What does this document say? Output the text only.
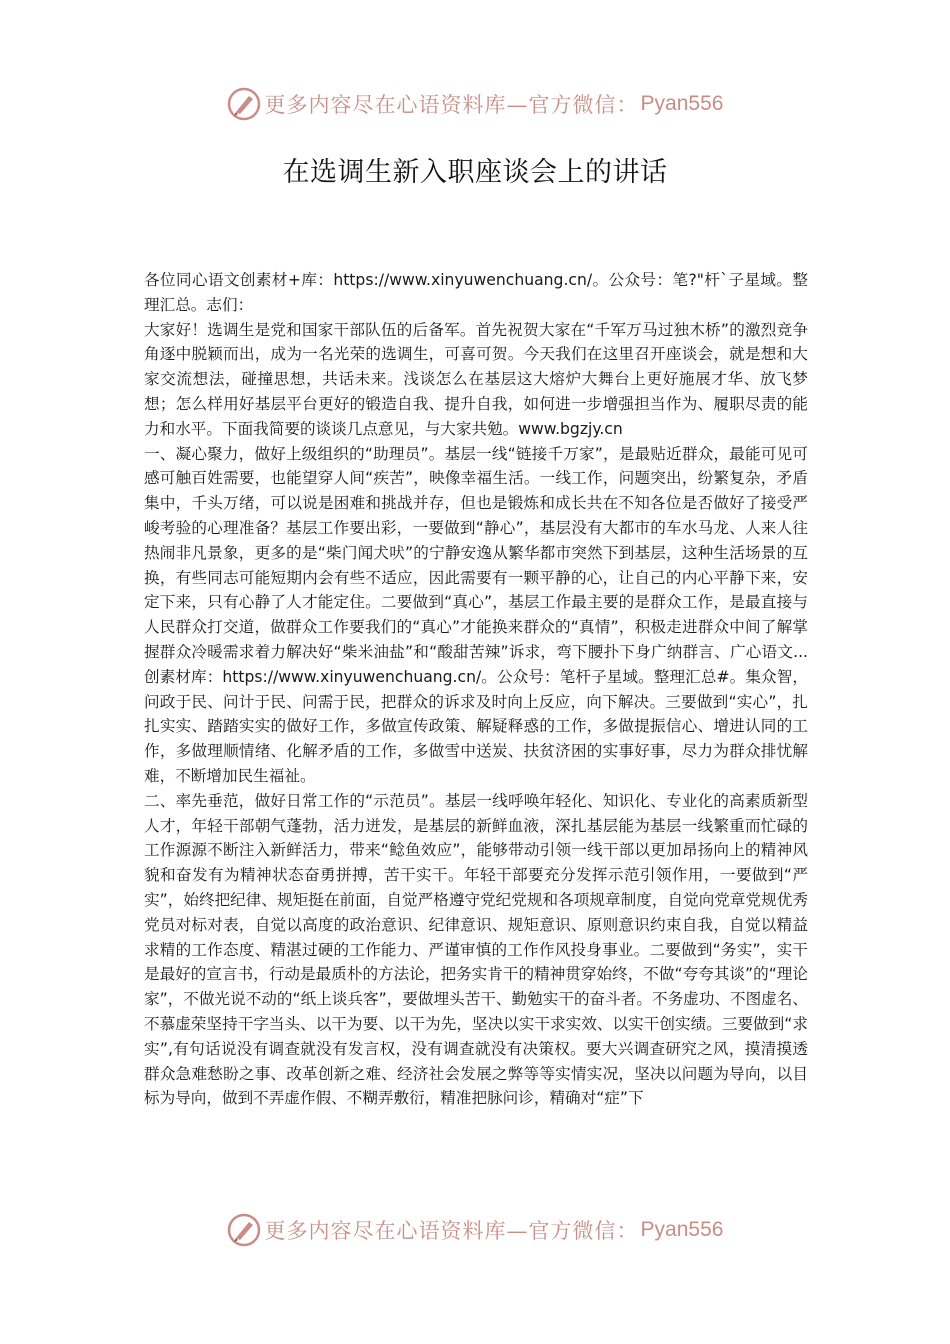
更多内容尽在心语资料库—官方微信： Pyan556
在选调生新入职座谈会上的讲话

各位同心语文创素材+库：https://www.xinyuwenchuang.cn/。公众号：笔?"杆`子星域。整理汇总。志们：

大家好！选调生是党和国家干部队伍的后备军。首先祝贺大家在“千军万马过独木桥”的激烈竞争角逐中脱颖而出，成为一名光荣的选调生，可喜可贺。今天我们在这里召开座谈会，就是想和大家交流想法，碰撞思想，共话未来。浅谈怎么在基层这大熔炉大舞台上更好施展才华、放飞梦想；怎么样用好基层平台更好的锻造自我、提升自我，如何进一步增强担当作为、履职尽责的能力和水平。下面我简要的谈谈几点意见，与大家共勉。www.bgzjy.cn

一、凝心聚力，做好上级组织的“助理员”。基层一线“链接千万家”，是最贴近群众，最能可见可感可触百姓需要，也能望穿人间“疾苦”，映像幸福生活。一线工作，问题突出，纷繁复杂，矛盾集中，千头万绪，可以说是困难和挑战并存，但也是锻炼和成长共在不知各位是否做好了接受严峻考验的心理准备？基层工作要出彩，一要做到“静心”，基层没有大都市的车水马龙、人来人往热闹非凡景象，更多的是“柴门闻犬吠”的宁静安逸从繁华都市突然下到基层，这种生活场景的互换，有些同志可能短期内会有些不适应，因此需要有一颗平静的心，让自己的内心平静下来，安定下来，只有心静了人才能定住。二要做到“真心”，基层工作最主要的是群众工作，是最直接与人民群众打交道，做群众工作要我们的“真心”才能换来群众的“真情”，积极走进群众中间了解掌握群众冷暖需求着力解决好“柴米油盐”和“酸甜苦辣”诉求，弯下腰扑下身广纳群言、广心语文...创素材库：https://www.xinyuwenchuang.cn/。公众号：笔杆子星域。整理汇总#。集众智，问政于民、问计于民、问需于民，把群众的诉求及时向上反应，向下解决。三要做到“实心”，扎扎实实、踏踏实实的做好工作，多做宣传政策、解疑释惑的工作，多做提振信心、增进认同的工作，多做理顺情绪、化解矛盾的工作，多做雪中送炭、扶贫济困的实事好事，尽力为群众排忧解难，不断增加民生福祉。

二、率先垂范，做好日常工作的“示范员”。基层一线呼唤年轻化、知识化、专业化的高素质新型人才，年轻干部朝气蓬勃，活力迸发，是基层的新鲜血液，深扎基层能为基层一线繁重而忙碌的工作源源不断注入新鲜活力，带来“鲶鱼效应”，能够带动引领一线干部以更加昂扬向上的精神风貌和奋发有为精神状态奋勇拼搏，苦干实干。年轻干部要充分发挥示范引领作用，一要做到“严实”，始终把纪律、规矩挺在前面，自觉严格遵守党纪党规和各项规章制度，自觉向党章党规优秀党员对标对表，自觉以高度的政治意识、纪律意识、规矩意识、原则意识约束自我，自觉以精益求精的工作态度、精湛过硬的工作能力、严谨审慎的工作作风投身事业。二要做到“务实”，实干是最好的宣言书，行动是最质朴的方法论，把务实肯干的精神贯穿始终，不做“夸夸其谈”的“理论家”，不做光说不动的“纸上谈兵客”，要做埋头苦干、勤勉实干的奋斗者。不务虚功、不图虚名、不慕虚荣坚持干字当头、以干为要、以干为先，坚决以实干求实效、以实干创实绩。三要做到“求实”,有句话说没有调查就没有发言权，没有调查就没有决策权。要大兴调查研究之风，摸清摸透群众急难愁盼之事、改革创新之难、经济社会发展之弊等等实情实况，坚决以问题为导向，以目标为导向，做到不弄虚作假、不糊弄敷衍，精准把脉问诊，精确对“症”下

更多内容尽在心语资料库—官方微信： Pyan556
